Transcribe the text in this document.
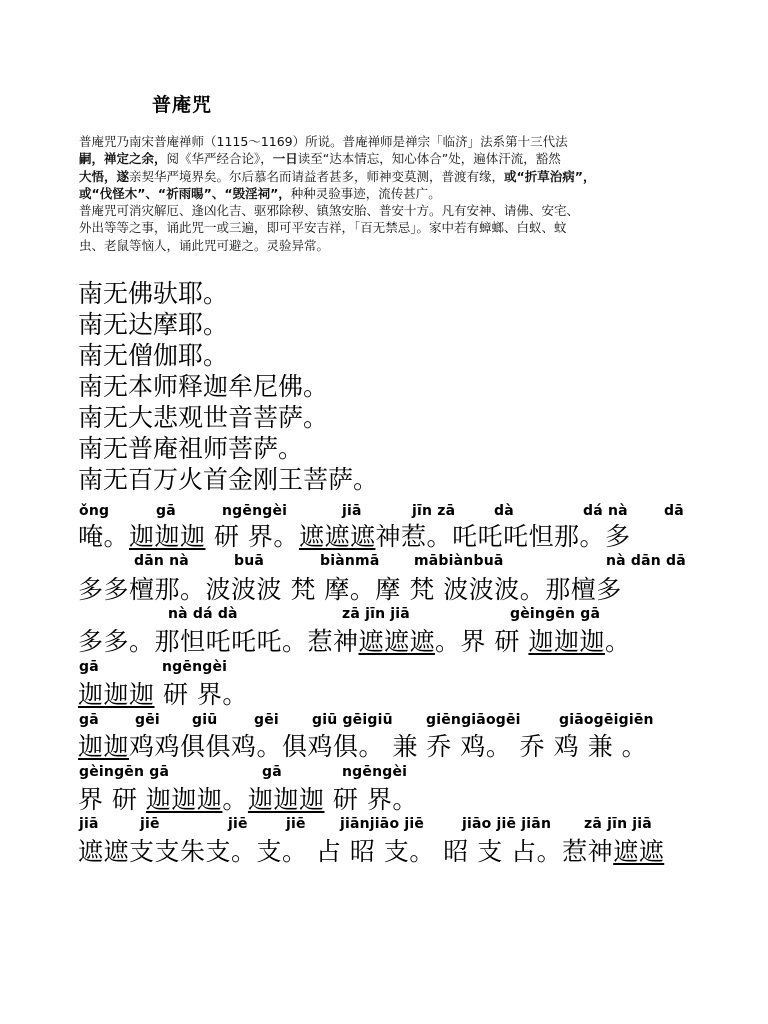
普庵咒
普庵咒乃南宋普庵禅师（1115～1169）所说。普庵禅师是禅宗「临济」法系第十三代法
嗣，禅定之余，阅《华严经合论》，一日读至“达本情忘，知心体合”处，遍体汗流，豁然
大悟，遂亲契华严境界矣。尔后慕名而请益者甚多，师神变莫测，普渡有缘，或“折草治病”，
或“伐怪木”、“祈雨晹”、“毁淫祠”，种种灵验事迹，流传甚广。
普庵咒可消灾解厄、逢凶化吉、驱邪除秽、镇煞安胎、普安十方。凡有安神、请佛、安宅、
外出等等之事，诵此咒一或三遍，即可平安吉祥，「百无禁忌」。家中若有蟑螂、白蚁、蚊
虫、老鼠等恼人，诵此咒可避之。灵验异常。
南无佛驮耶。
南无达摩耶。
南无僧伽耶。
南无本师释迦牟尼佛。
南无大悲观世音菩萨。
南无普庵祖师菩萨。
南无百万火首金刚王菩萨。
ǒng	gā	ngēngèi	jiā	jīn zā	dà	dá nà	dā
唵。迦迦迦 研 界。遮遮遮神惹。吒吒吒怛那。多
dān nà	buā	biànmā mābiànbuā	nà dān dā
多多檀那。波波波 梵 摩。摩 梵 波波波。那檀多
nà dá dà	zā jīn jiā	gèingēn gā
多多。那怛吒吒吒。惹神遮遮遮。界 研 迦迦迦。
gā	ngēngèi
迦迦迦 研 界。
gā	gēi giū	gēi giū gēigiū giēngiāogēi	giāogēigiēn
迦迦鸡鸡俱俱鸡。俱鸡俱。 兼 乔 鸡。 乔 鸡 兼 。
gèingēn gā	gā	ngēngèi
界 研 迦迦迦。迦迦迦 研 界。
jiā	jiē	jiē	jiē jiānjiāo jiē	jiāo jiē jiān zā jīn jiā
遮遮支支朱支。支。 占 昭 支。 昭 支 占。惹神遮遮
